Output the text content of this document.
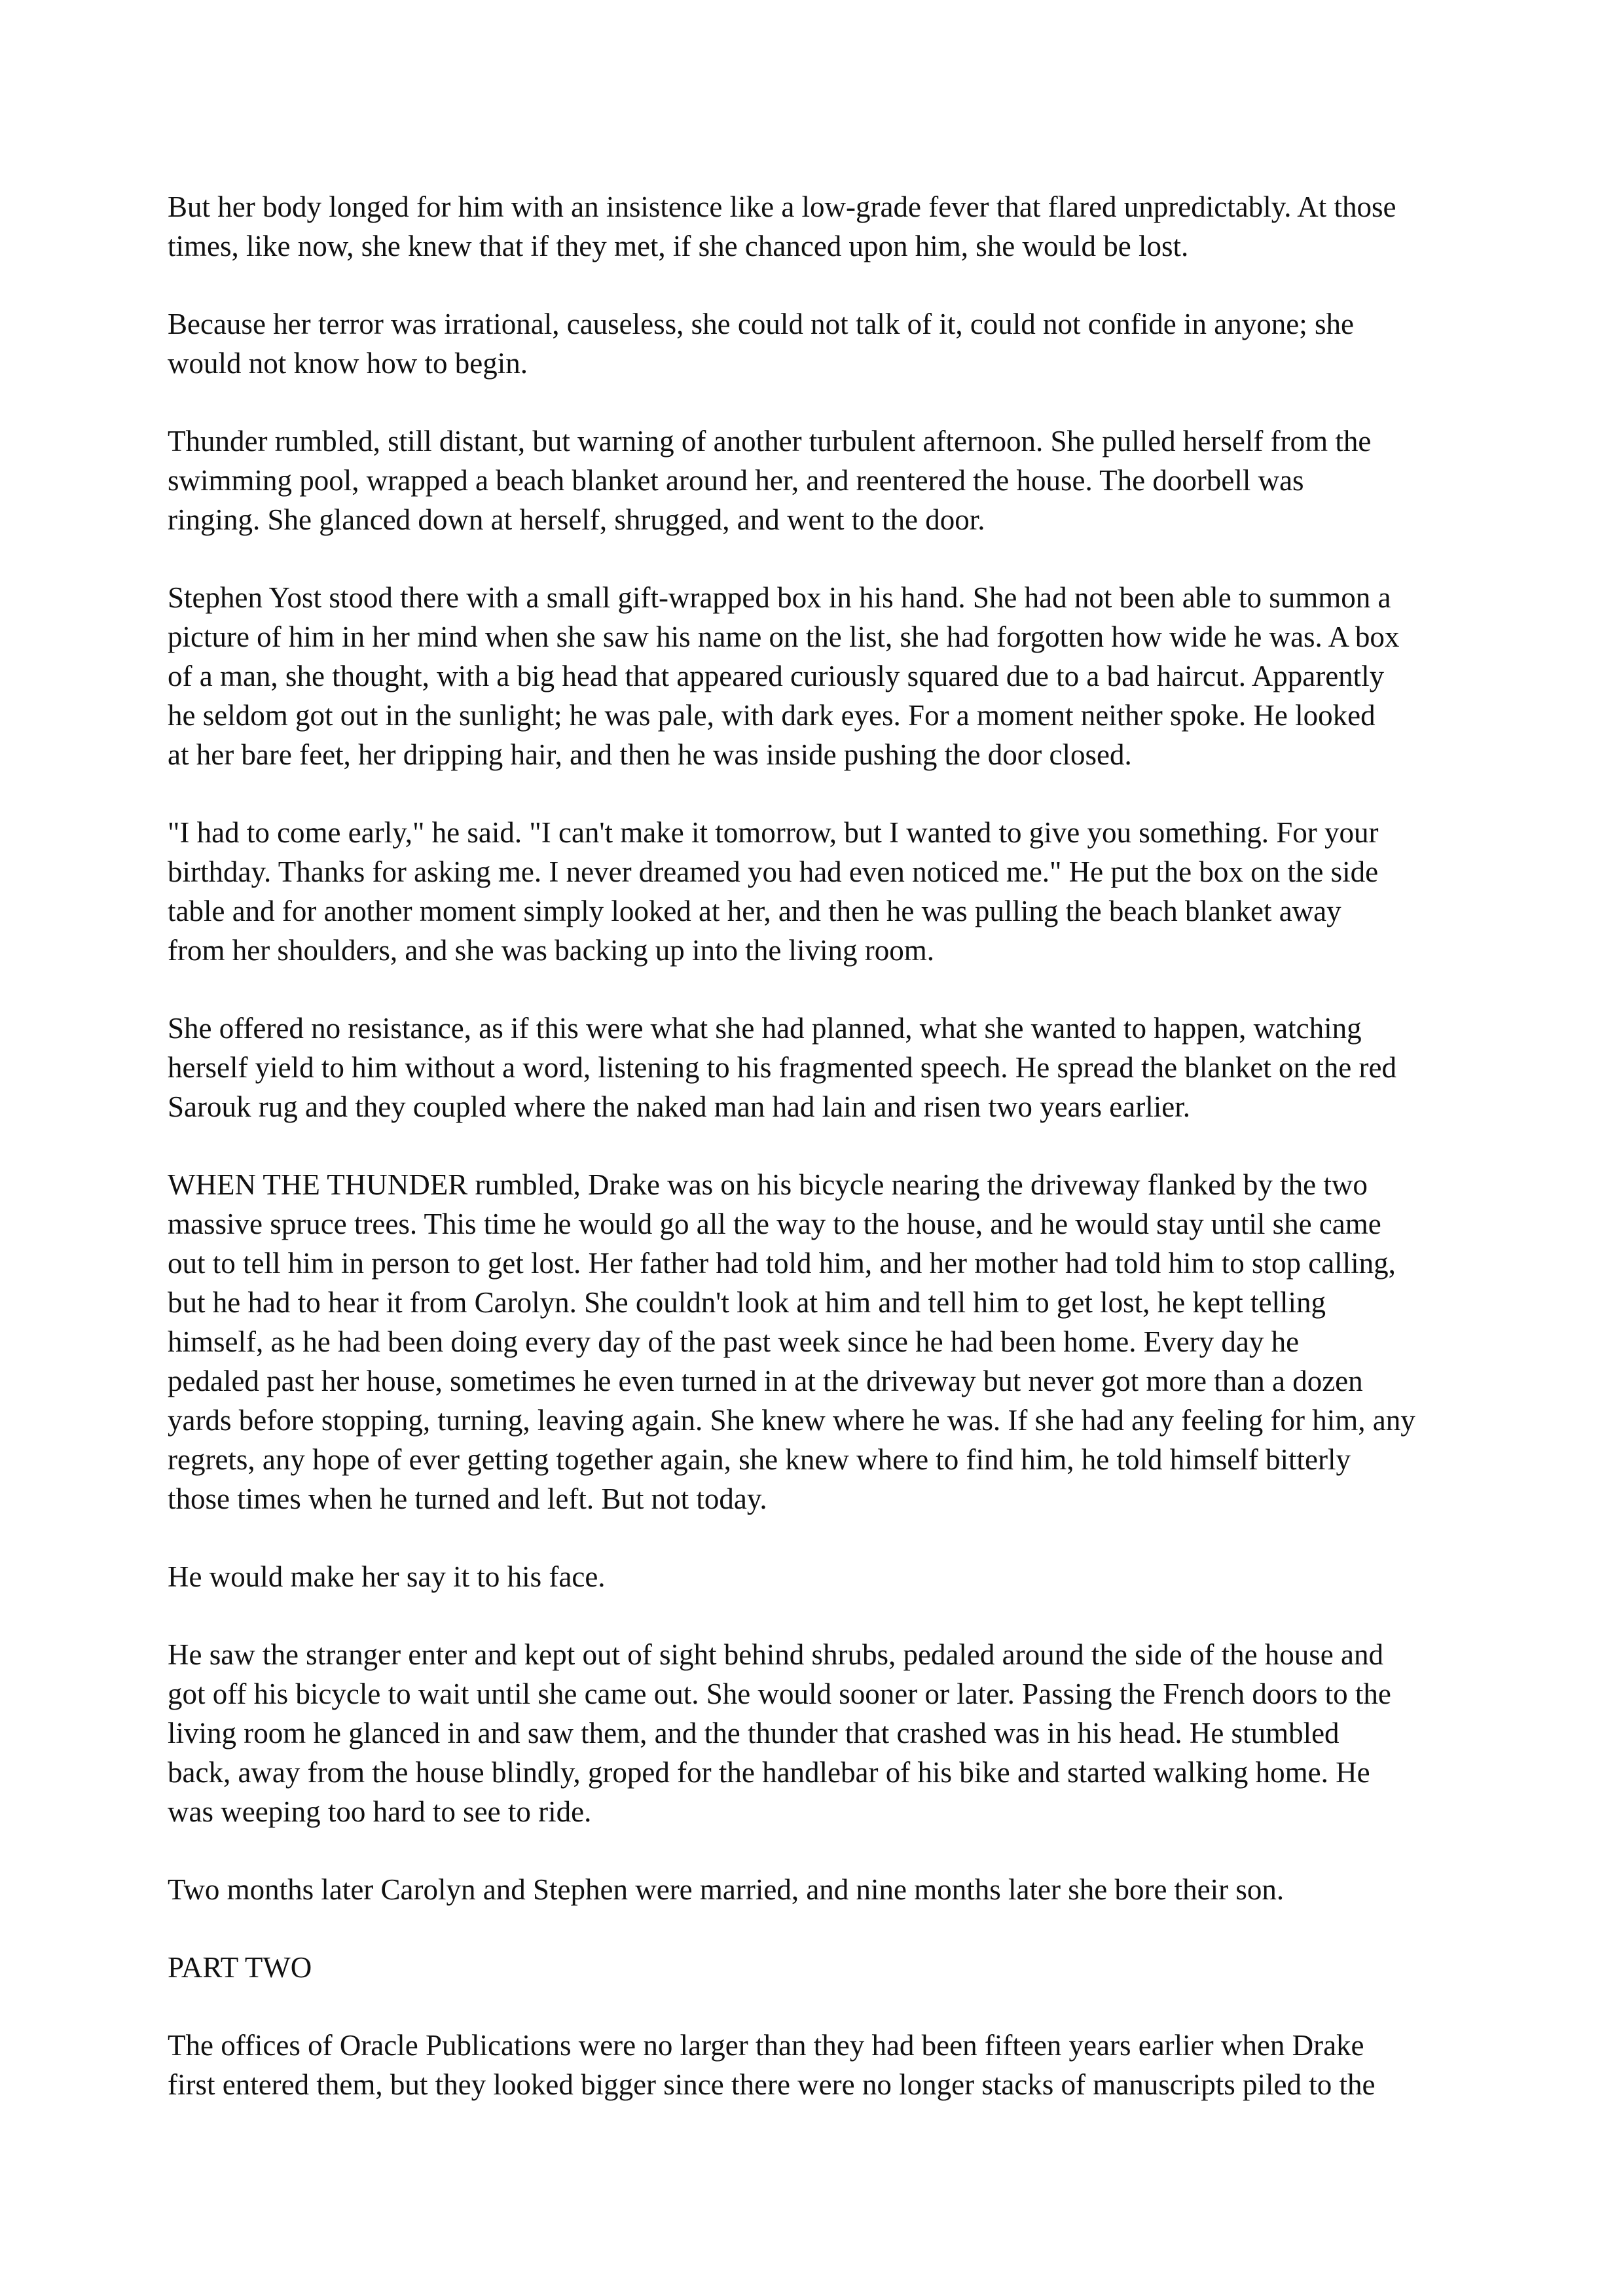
But her body longed for him with an insistence like a low-grade fever that flared unpredictably. At those
times, like now, she knew that if they met, if she chanced upon him, she would be lost.

Because her terror was irrational, causeless, she could not talk of it, could not confide in anyone; she
would not know how to begin.

Thunder rumbled, still distant, but warning of another turbulent afternoon. She pulled herself from the
swimming pool, wrapped a beach blanket around her, and reentered the house. The doorbell was
ringing. She glanced down at herself, shrugged, and went to the door.

Stephen Yost stood there with a small gift-wrapped box in his hand. She had not been able to summon a
picture of him in her mind when she saw his name on the list, she had forgotten how wide he was. A box
of a man, she thought, with a big head that appeared curiously squared due to a bad haircut. Apparently
he seldom got out in the sunlight; he was pale, with dark eyes. For a moment neither spoke. He looked
at her bare feet, her dripping hair, and then he was inside pushing the door closed.

"I had to come early," he said. "I can't make it tomorrow, but I wanted to give you something. For your
birthday. Thanks for asking me. I never dreamed you had even noticed me." He put the box on the side
table and for another moment simply looked at her, and then he was pulling the beach blanket away
from her shoulders, and she was backing up into the living room.

She offered no resistance, as if this were what she had planned, what she wanted to happen, watching
herself yield to him without a word, listening to his fragmented speech. He spread the blanket on the red
Sarouk rug and they coupled where the naked man had lain and risen two years earlier.

WHEN THE THUNDER rumbled, Drake was on his bicycle nearing the driveway flanked by the two
massive spruce trees. This time he would go all the way to the house, and he would stay until she came
out to tell him in person to get lost. Her father had told him, and her mother had told him to stop calling,
but he had to hear it from Carolyn. She couldn't look at him and tell him to get lost, he kept telling
himself, as he had been doing every day of the past week since he had been home. Every day he
pedaled past her house, sometimes he even turned in at the driveway but never got more than a dozen
yards before stopping, turning, leaving again. She knew where he was. If she had any feeling for him, any
regrets, any hope of ever getting together again, she knew where to find him, he told himself bitterly
those times when he turned and left. But not today.

He would make her say it to his face.

He saw the stranger enter and kept out of sight behind shrubs, pedaled around the side of the house and
got off his bicycle to wait until she came out. She would sooner or later. Passing the French doors to the
living room he glanced in and saw them, and the thunder that crashed was in his head. He stumbled
back, away from the house blindly, groped for the handlebar of his bike and started walking home. He
was weeping too hard to see to ride.

Two months later Carolyn and Stephen were married, and nine months later she bore their son.

PART TWO

The offices of Oracle Publications were no larger than they had been fifteen years earlier when Drake
first entered them, but they looked bigger since there were no longer stacks of manuscripts piled to the
